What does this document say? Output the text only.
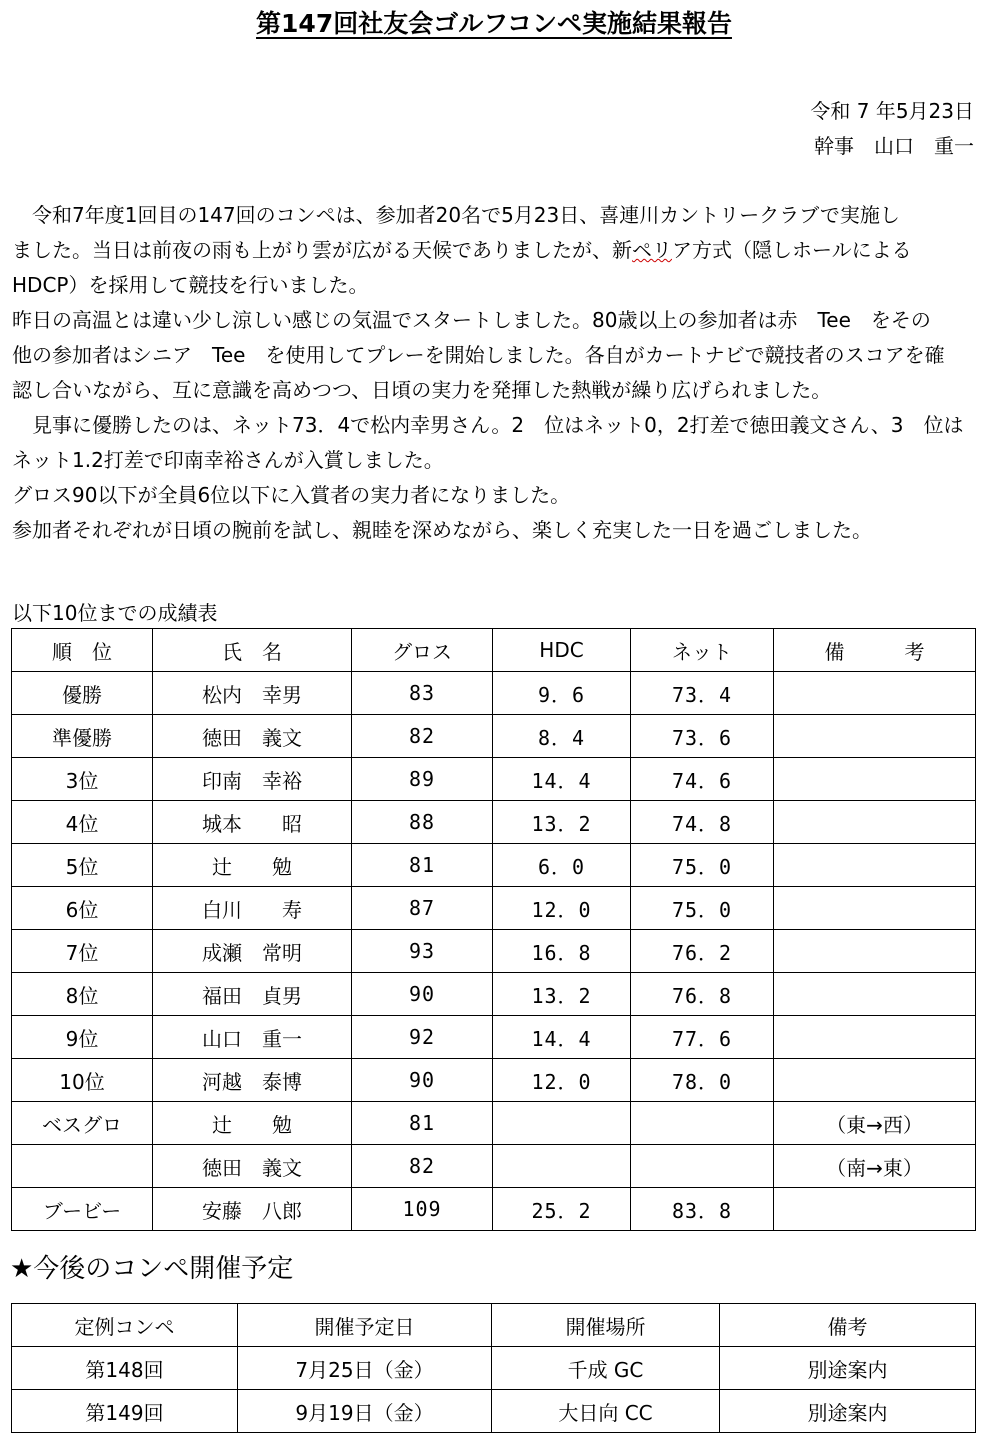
第147回社友会ゴルフコンペ実施結果報告
令和 7 年5月23日
幹事　山口　重一

　令和7年度1回目の147回のコンペは、参加者20名で5月23日、喜連川カントリークラブで実施し

ました。当日は前夜の雨も上がり雲が広がる天候でありましたが、新ペリア方式（隠しホールによる

HDCP）を採用して競技を行いました。

昨日の高温とは違い少し涼しい感じの気温でスタートしました。80歳以上の参加者は赤　Tee　をその

他の参加者はシニア　Tee　を使用してプレーを開始しました。各自がカートナビで競技者のスコアを確

認し合いながら、互に意識を高めつつ、日頃の実力を発揮した熱戦が繰り広げられました。

　見事に優勝したのは、ネット73．4で松内幸男さん。2　位はネット0，2打差で徳田義文さん、3　位は

ネット1.2打差で印南幸裕さんが入賞しました。

グロス90以下が全員6位以下に入賞者の実力者になりました。

参加者それぞれが日頃の腕前を試し、親睦を深めながら、楽しく充実した一日を過ごしました。

以下10位までの成績表
順　位	氏　名	グロス	HDC	ネット	備　　　考
優勝	松内　幸男	83	9．6	73．4	
準優勝	徳田　義文	82	8．4	73．6	
3位	印南　幸裕	89	14．4	74．6	
4位	城本　　昭	88	13．2	74．8	
5位	辻　　勉	81	6．0	75．0	
6位	白川　　寿	87	12．0	75．0	
7位	成瀬　常明	93	16．8	76．2	
8位	福田　貞男	90	13．2	76．8	
9位	山口　重一	92	14．4	77．6	
10位	河越　泰博	90	12．0	78．0	
ベスグロ	辻　　勉	81			（東→西）
	徳田　義文	82			（南→東）
ブービー	安藤　八郎	109	25．2	83．8	
★今後のコンペ開催予定
定例コンペ	開催予定日	開催場所	備考
第148回	7月25日（金）	千成 GC	別途案内
第149回	9月19日（金）	大日向 CC	別途案内
